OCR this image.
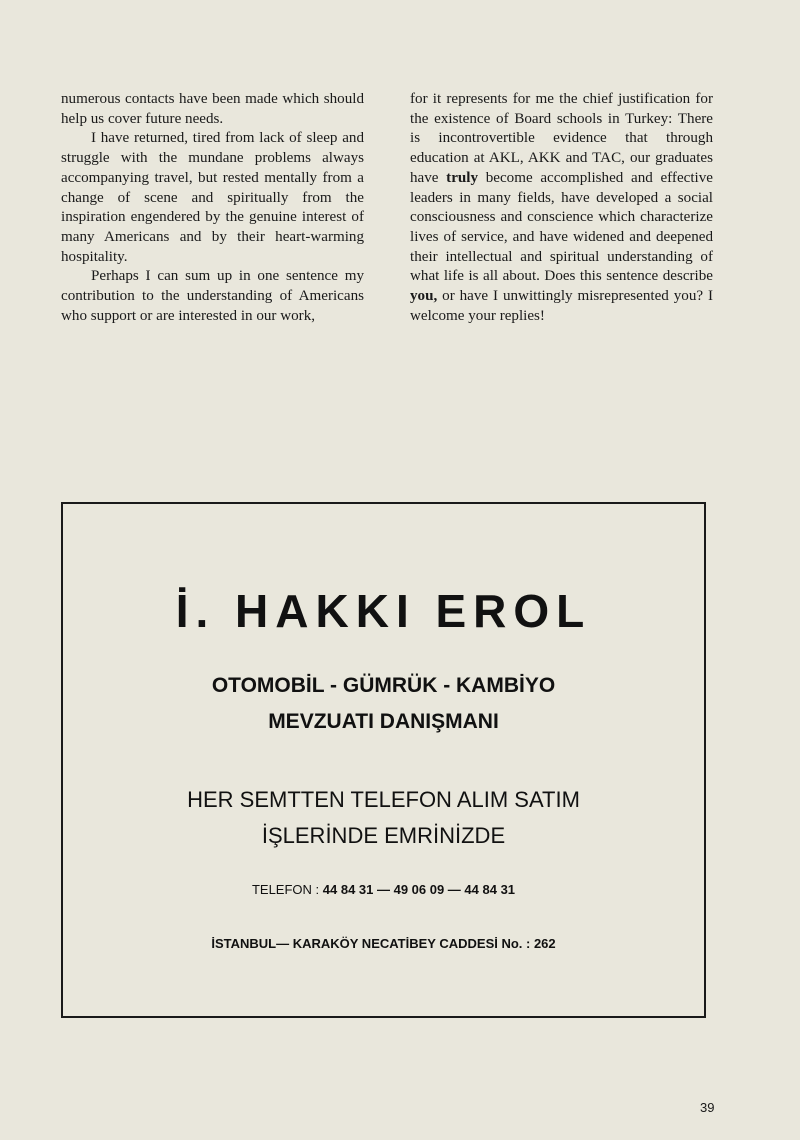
numerous contacts have been made which should help us cover future needs.

I have returned, tired from lack of sleep and struggle with the mundane problems always accompanying travel, but rested mentally from a change of scene and spiritually from the inspiration engendered by the genuine interest of many Americans and by their heart-warming hospitality.

Perhaps I can sum up in one sentence my contribution to the understanding of Americans who support or are interested in our work,

for it represents for me the chief justification for the existence of Board schools in Turkey: There is incontrovertible evidence that through education at AKL, AKK and TAC, our graduates have truly become accomplished and effective leaders in many fields, have developed a social consciousness and conscience which characterize lives of service, and have widened and deepened their intellectual and spiritual understanding of what life is all about. Does this sentence describe you, or have I unwittingly misrepresented you? I welcome your replies!

İ. HAKKI EROL
OTOMOBİL - GÜMRÜK - KAMBİYO
MEVZUATI DANIŞMANI
HER SEMTTEN TELEFON ALIM SATIM
İŞLERİNDE EMRİNİZDE
TELEFON : 44 84 31 — 49 06 09 — 44 84 31
İSTANBUL— KARAKÖY NECATİBEY CADDESİ No. : 262
39
